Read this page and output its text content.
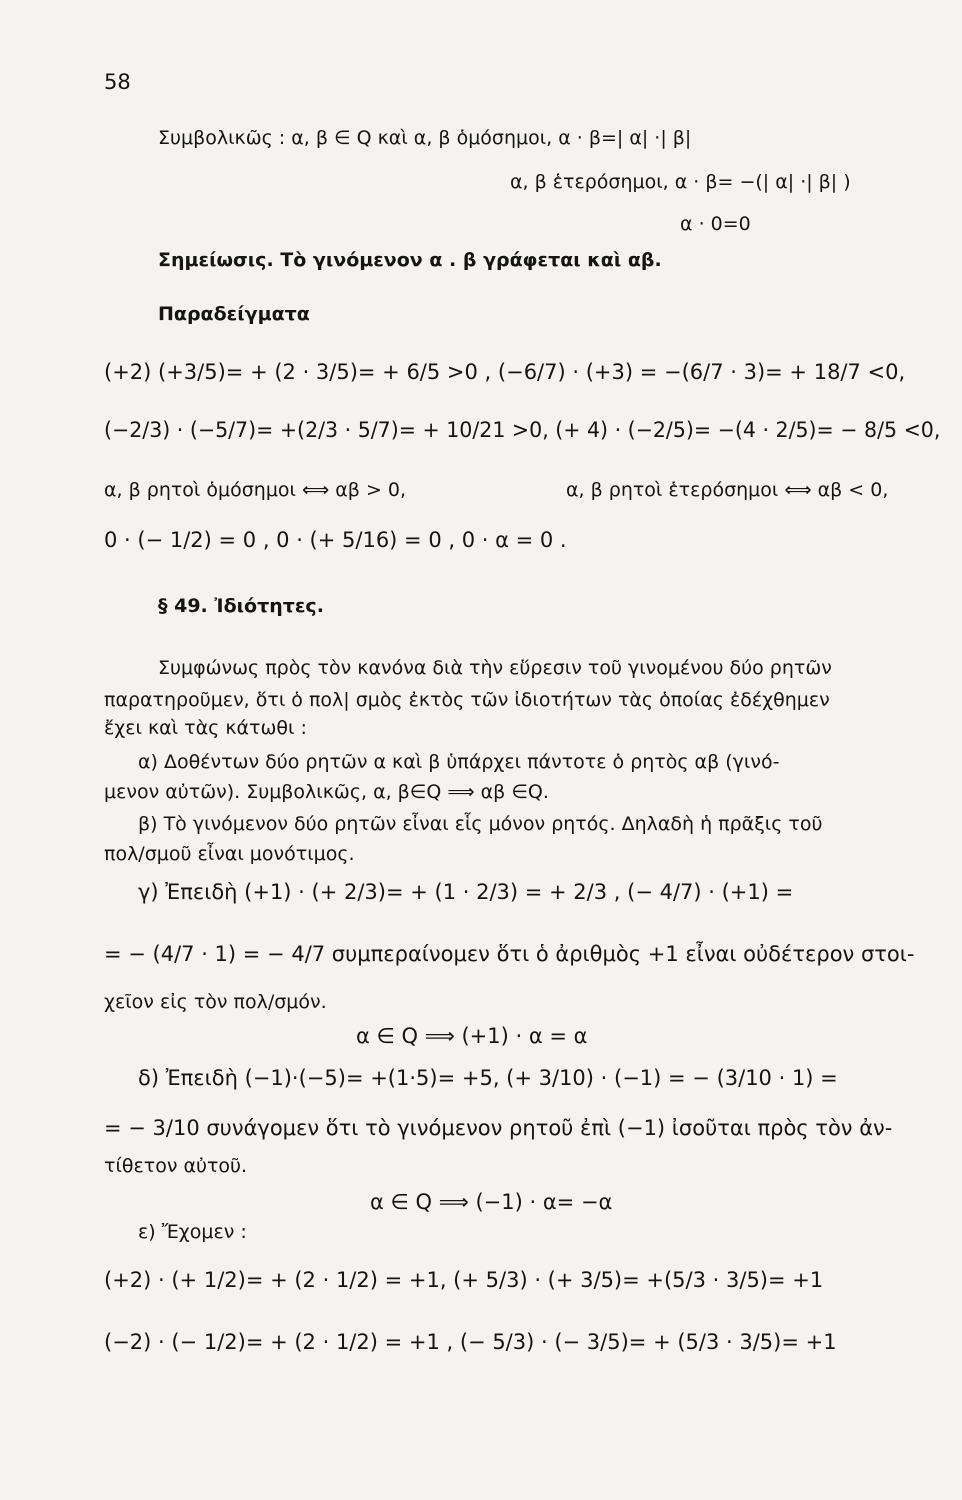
58
Συμβολικῶς : α, β ∈ Q καὶ α, β ὁμόσημοι, α · β=| α| ·| β|
α, β ἑτερόσημοι, α · β= −(| α| ·| β| )
α · 0=0
Σημείωσις. Τὸ γινόμενον α . β γράφεται καὶ αβ.
Παραδείγματα
(+2) (+3/5)= + (2 · 3/5)= + 6/5 >0 , (−6/7) · (+3) = −(6/7 · 3)= + 18/7 <0,
(−2/3) · (−5/7)= +(2/3 · 5/7)= + 10/21 >0, (+ 4) · (−2/5)= −(4 · 2/5)= − 8/5 <0,
α, β ρητοὶ ὁμόσημοι ⟺ αβ > 0,	α, β ρητοὶ ἑτερόσημοι ⟺ αβ < 0,
0 · (− 1/2) = 0 , 0 · (+ 5/16) = 0 , 0 · α = 0 .
§ 49. Ἰδιότητες.
Συμφώνως πρὸς τὸν κανόνα διὰ τὴν εὕρεσιν τοῦ γινομένου δύο ρητῶν
παρατηροῦμεν, ὅτι ὁ πολ| σμὸς ἐκτὸς τῶν ἰδιοτήτων τὰς ὁποίας ἐδέχθημεν
ἔχει καὶ τὰς κάτωθι :
α) Δοθέντων δύο ρητῶν α καὶ β ὑπάρχει πάντοτε ὁ ρητὸς αβ (γινό-
μενον αὐτῶν). Συμβολικῶς, α, β∈Q ⟹ αβ ∈Q.
β) Τὸ γινόμενον δύο ρητῶν εἶναι εἷς μόνον ρητός. Δηλαδὴ ἡ πρᾶξις τοῦ
πολ/σμοῦ εἶναι μονότιμος.
γ) Ἐπειδὴ (+1) · (+ 2/3)= + (1 · 2/3) = + 2/3 , (− 4/7) · (+1) =
= − (4/7 · 1) = − 4/7 συμπεραίνομεν ὅτι ὁ ἀριθμὸς +1 εἶναι οὐδέτερον στοι-
χεῖον εἰς τὸν πολ/σμόν.
α ∈ Q ⟹ (+1) · α = α
δ) Ἐπειδὴ (−1)·(−5)= +(1·5)= +5, (+ 3/10) · (−1) = − (3/10 · 1) =
= − 3/10 συνάγομεν ὅτι τὸ γινόμενον ρητοῦ ἐπὶ (−1) ἰσοῦται πρὸς τὸν ἀν-
τίθετον αὐτοῦ.
α ∈ Q ⟹ (−1) · α= −α
ε) Ἔχομεν :
(+2) · (+ 1/2)= + (2 · 1/2) = +1, (+ 5/3) · (+ 3/5)= +(5/3 · 3/5)= +1
(−2) · (− 1/2)= + (2 · 1/2) = +1 , (− 5/3) · (− 3/5)= + (5/3 · 3/5)= +1
